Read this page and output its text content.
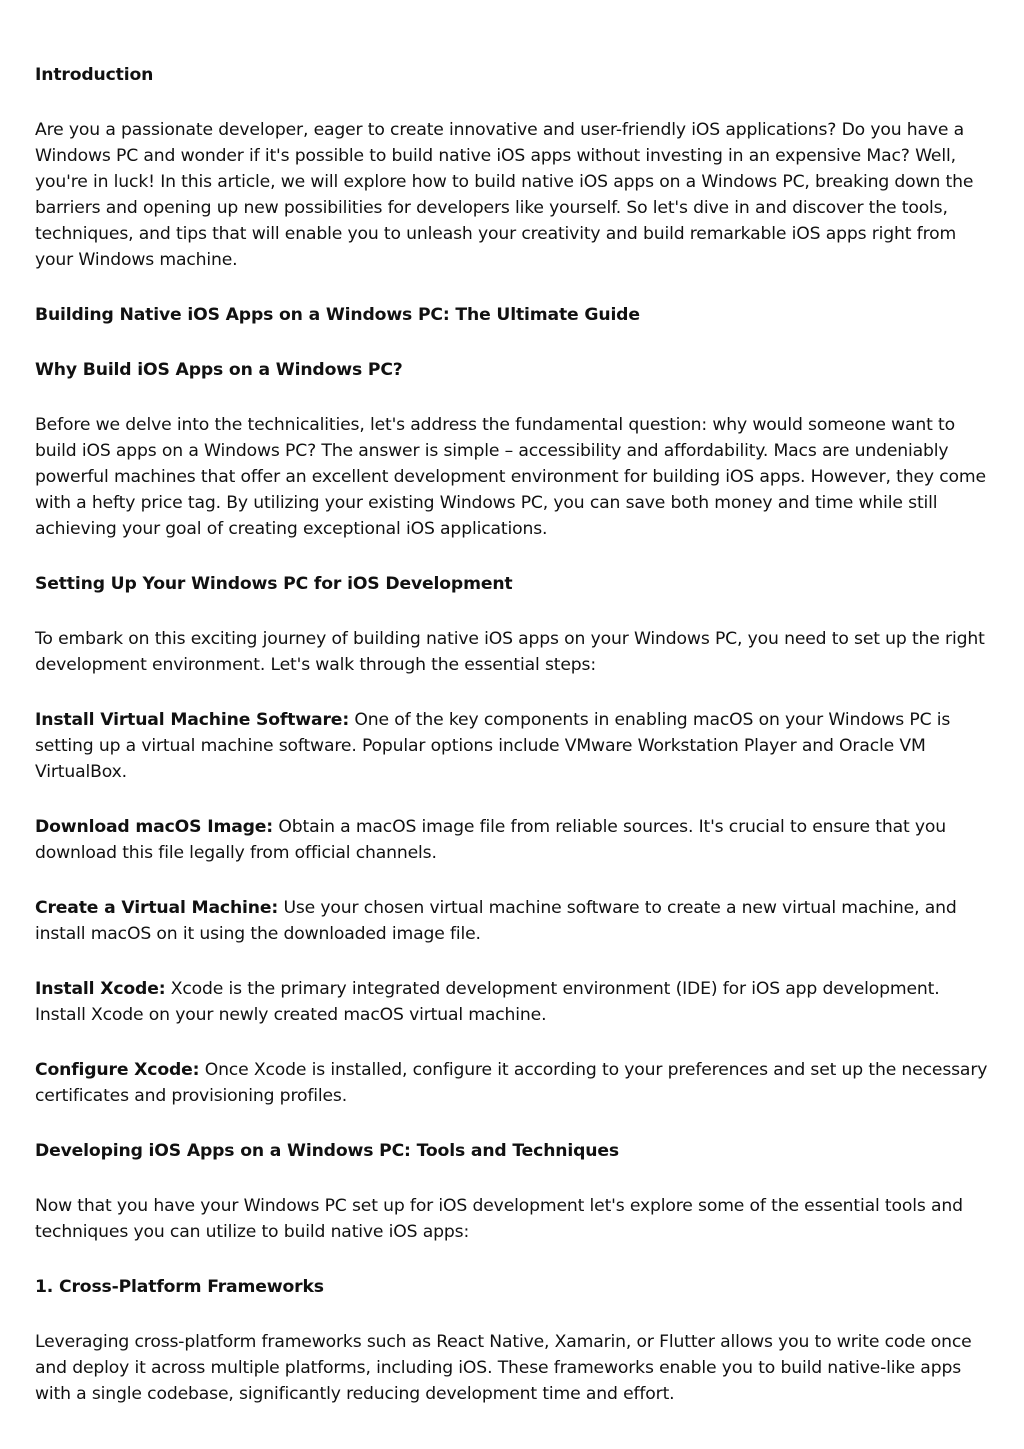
Introduction

Are you a passionate developer, eager to create innovative and user-friendly iOS applications? Do you have a Windows PC and wonder if it's possible to build native iOS apps without investing in an expensive Mac? Well, you're in luck! In this article, we will explore how to build native iOS apps on a Windows PC, breaking down the barriers and opening up new possibilities for developers like yourself. So let's dive in and discover the tools, techniques, and tips that will enable you to unleash your creativity and build remarkable iOS apps right from your Windows machine.

Building Native iOS Apps on a Windows PC: The Ultimate Guide

Why Build iOS Apps on a Windows PC?

Before we delve into the technicalities, let's address the fundamental question: why would someone want to build iOS apps on a Windows PC? The answer is simple – accessibility and affordability. Macs are undeniably powerful machines that offer an excellent development environment for building iOS apps. However, they come with a hefty price tag. By utilizing your existing Windows PC, you can save both money and time while still achieving your goal of creating exceptional iOS applications.

Setting Up Your Windows PC for iOS Development

To embark on this exciting journey of building native iOS apps on your Windows PC, you need to set up the right development environment. Let's walk through the essential steps:

Install Virtual Machine Software: One of the key components in enabling macOS on your Windows PC is setting up a virtual machine software. Popular options include VMware Workstation Player and Oracle VM VirtualBox.

Download macOS Image: Obtain a macOS image file from reliable sources. It's crucial to ensure that you download this file legally from official channels.

Create a Virtual Machine: Use your chosen virtual machine software to create a new virtual machine, and install macOS on it using the downloaded image file.

Install Xcode: Xcode is the primary integrated development environment (IDE) for iOS app development. Install Xcode on your newly created macOS virtual machine.

Configure Xcode: Once Xcode is installed, configure it according to your preferences and set up the necessary certificates and provisioning profiles.

Developing iOS Apps on a Windows PC: Tools and Techniques

Now that you have your Windows PC set up for iOS development let's explore some of the essential tools and techniques you can utilize to build native iOS apps:

1. Cross-Platform Frameworks

Leveraging cross-platform frameworks such as React Native, Xamarin, or Flutter allows you to write code once and deploy it across multiple platforms, including iOS. These frameworks enable you to build native-like apps with a single codebase, significantly reducing development time and effort.
